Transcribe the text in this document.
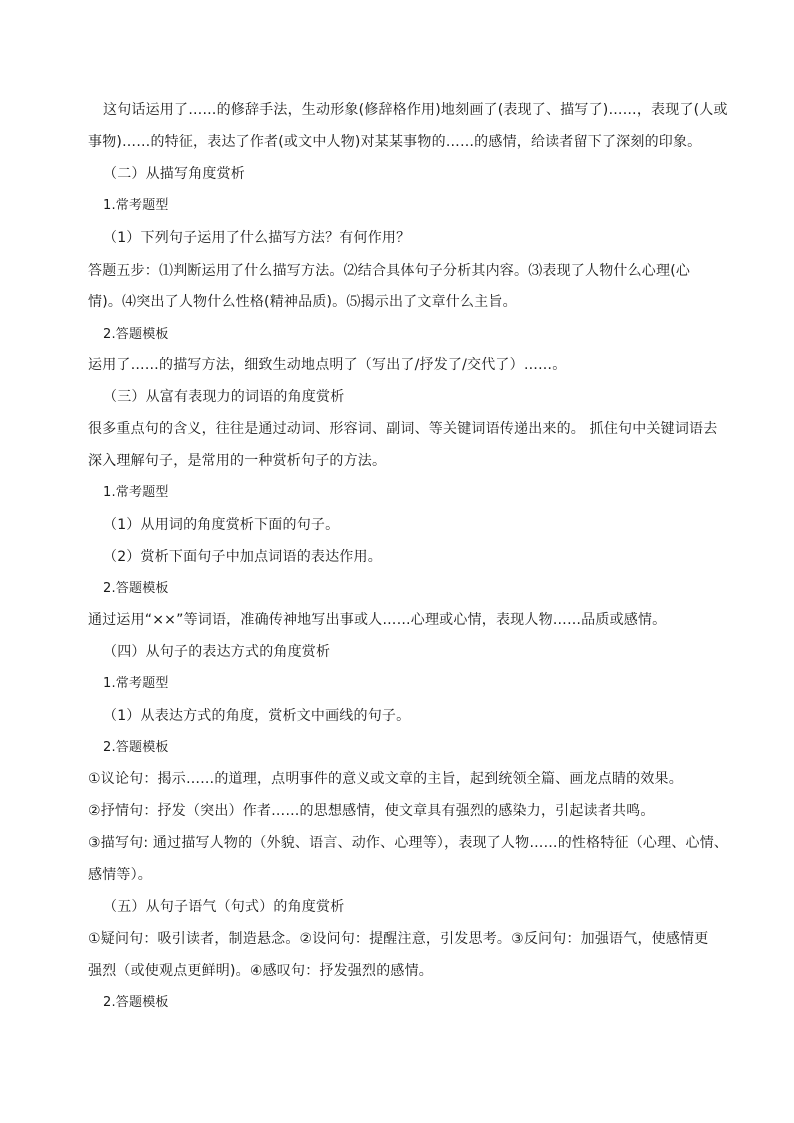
这句话运用了……的修辞手法，生动形象(修辞格作用)地刻画了(表现了、描写了)……，表现了(人或
事物)……的特征，表达了作者(或文中人物)对某某事物的……的感情，给读者留下了深刻的印象。
（二）从描写角度赏析
1.常考题型
（1）下列句子运用了什么描写方法？有何作用？
答题五步：⑴判断运用了什么描写方法。⑵结合具体句子分析其内容。⑶表现了人物什么心理(心
情)。⑷突出了人物什么性格(精神品质)。⑸揭示出了文章什么主旨。
2.答题模板
运用了……的描写方法，细致生动地点明了（写出了/抒发了/交代了）……。
（三）从富有表现力的词语的角度赏析
很多重点句的含义，往往是通过动词、形容词、副词、等关键词语传递出来的。 抓住句中关键词语去
深入理解句子，是常用的一种赏析句子的方法。
1.常考题型
（1）从用词的角度赏析下面的句子。
（2）赏析下面句子中加点词语的表达作用。
2.答题模板
通过运用“××”等词语，准确传神地写出事或人……心理或心情，表现人物……品质或感情。
（四）从句子的表达方式的角度赏析
1.常考题型
（1）从表达方式的角度，赏析文中画线的句子。
2.答题模板
①议论句：揭示……的道理，点明事件的意义或文章的主旨，起到统领全篇、画龙点睛的效果。
②抒情句：抒发（突出）作者……的思想感情，使文章具有强烈的感染力，引起读者共鸣。
③描写句: 通过描写人物的（外貌、语言、动作、心理等），表现了人物……的性格特征（心理、心情、
感情等）。
（五）从句子语气（句式）的角度赏析
①疑问句：吸引读者，制造悬念。②设问句：提醒注意，引发思考。③反问句：加强语气，使感情更
强烈（或使观点更鲜明)。④感叹句：抒发强烈的感情。
2.答题模板
